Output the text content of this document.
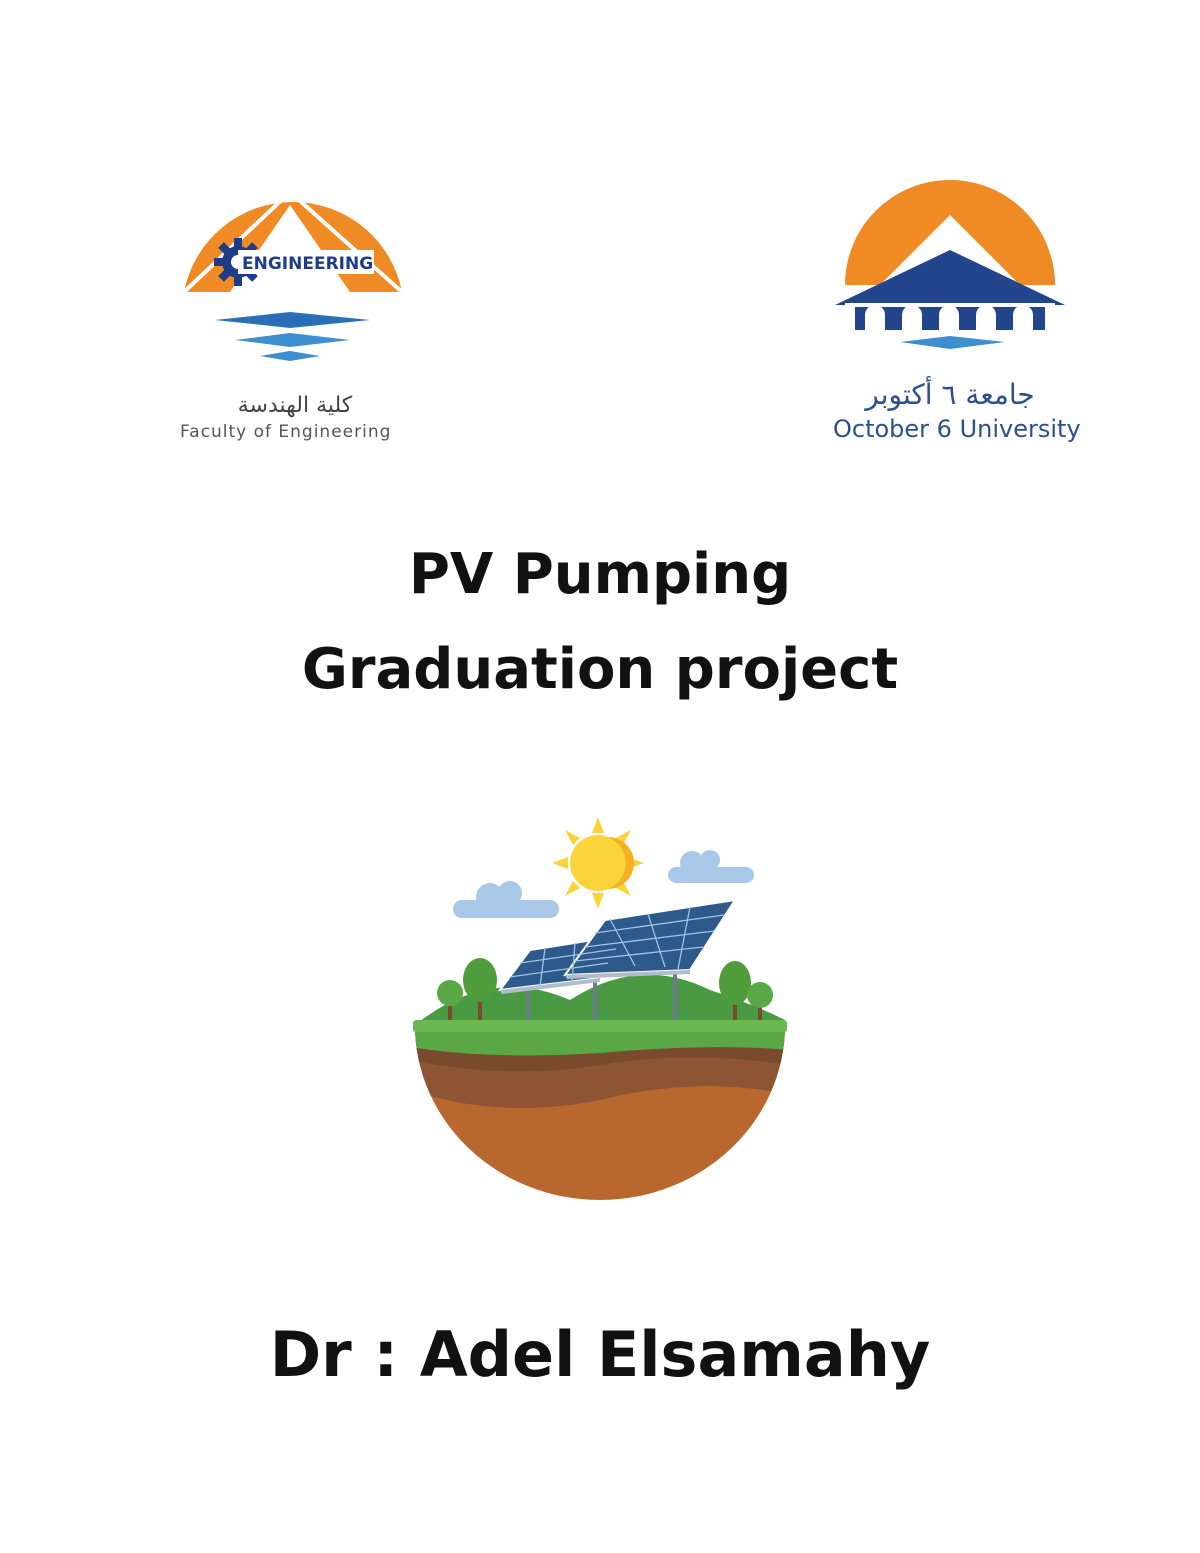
ENGINEERING
كلية الهندسة
Faculty of Engineering
جامعة ٦ أكتوبر
October 6 University
PV Pumping
Graduation project
Dr : Adel Elsamahy
